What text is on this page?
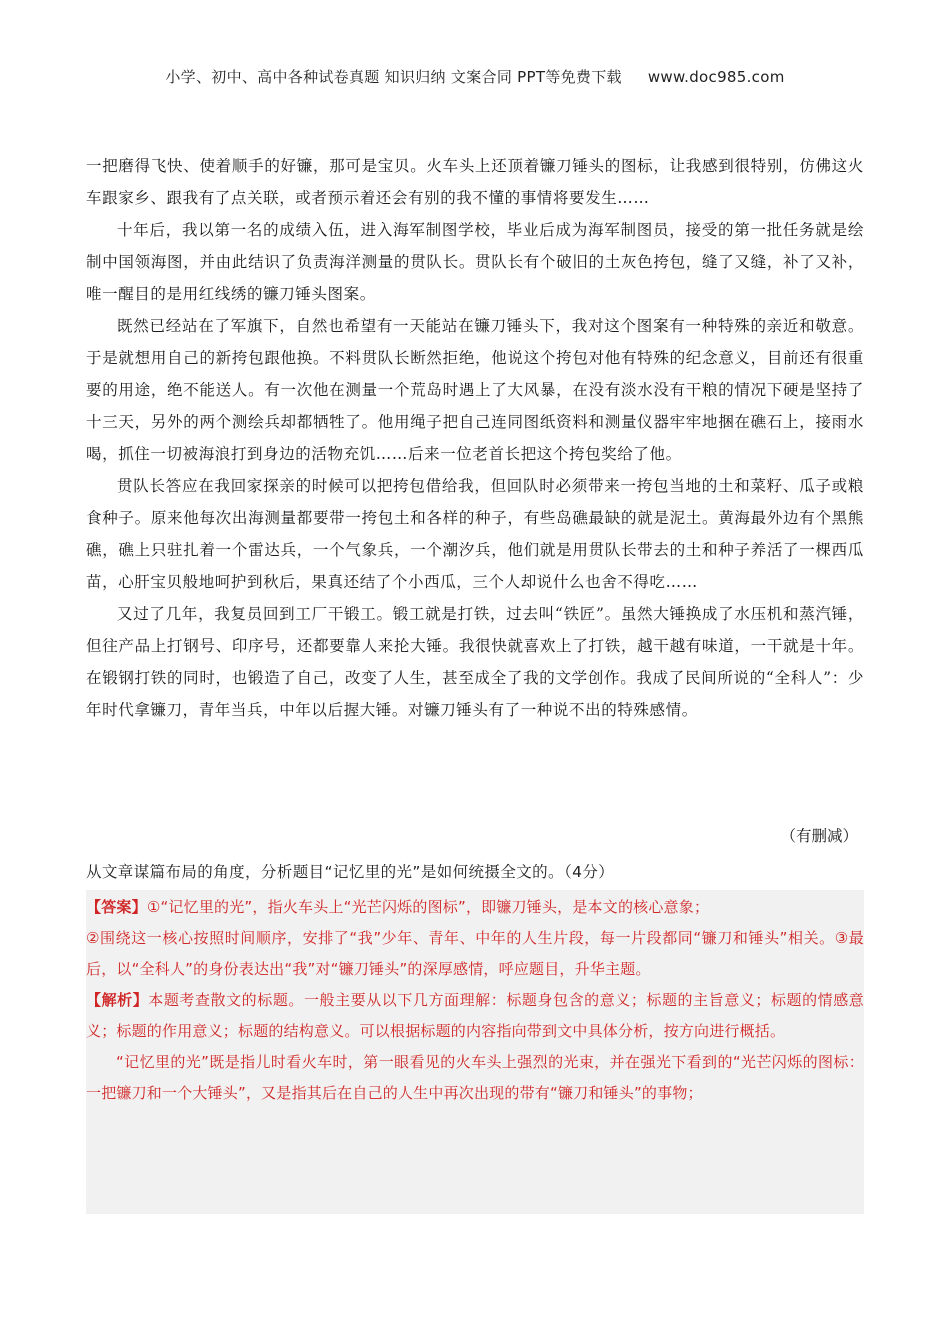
小学、初中、高中各种试卷真题 知识归纳 文案合同 PPT等免费下载 www.doc985.com

一把磨得飞快、使着顺手的好镰，那可是宝贝。火车头上还顶着镰刀锤头的图标，让我感到很特别，仿佛这火车跟家乡、跟我有了点关联，或者预示着还会有别的我不懂的事情将要发生……

十年后，我以第一名的成绩入伍，进入海军制图学校，毕业后成为海军制图员，接受的第一批任务就是绘制中国领海图，并由此结识了负责海洋测量的贯队长。贯队长有个破旧的土灰色挎包，缝了又缝，补了又补，唯一醒目的是用红线绣的镰刀锤头图案。

既然已经站在了军旗下，自然也希望有一天能站在镰刀锤头下，我对这个图案有一种特殊的亲近和敬意。于是就想用自己的新挎包跟他换。不料贯队长断然拒绝，他说这个挎包对他有特殊的纪念意义，目前还有很重要的用途，绝不能送人。有一次他在测量一个荒岛时遇上了大风暴，在没有淡水没有干粮的情况下硬是坚持了十三天，另外的两个测绘兵却都牺牲了。他用绳子把自己连同图纸资料和测量仪器牢牢地捆在礁石上，接雨水喝，抓住一切被海浪打到身边的活物充饥……后来一位老首长把这个挎包奖给了他。

贯队长答应在我回家探亲的时候可以把挎包借给我，但回队时必须带来一挎包当地的土和菜籽、瓜子或粮食种子。原来他每次出海测量都要带一挎包土和各样的种子，有些岛礁最缺的就是泥土。黄海最外边有个黑熊礁，礁上只驻扎着一个雷达兵，一个气象兵，一个潮汐兵，他们就是用贯队长带去的土和种子养活了一棵西瓜苗，心肝宝贝般地呵护到秋后，果真还结了个小西瓜，三个人却说什么也舍不得吃……

又过了几年，我复员回到工厂干锻工。锻工就是打铁，过去叫“铁匠”。虽然大锤换成了水压机和蒸汽锤，但往产品上打钢号、印序号，还都要靠人来抡大锤。我很快就喜欢上了打铁，越干越有味道，一干就是十年。在锻钢打铁的同时，也锻造了自己，改变了人生，甚至成全了我的文学创作。我成了民间所说的“全科人”：少年时代拿镰刀，青年当兵，中年以后握大锤。对镰刀锤头有了一种说不出的特殊感情。

（有删减）
从文章谋篇布局的角度，分析题目“记忆里的光”是如何统摄全文的。（4分）

【答案】①“记忆里的光”，指火车头上“光芒闪烁的图标”，即镰刀锤头，是本文的核心意象；

②围绕这一核心按照时间顺序，安排了“我”少年、青年、中年的人生片段，每一片段都同“镰刀和锤头”相关。③最后，以“全科人”的身份表达出“我”对“镰刀锤头”的深厚感情，呼应题目，升华主题。

【解析】本题考查散文的标题。一般主要从以下几方面理解：标题身包含的意义；标题的主旨意义；标题的情感意义；标题的作用意义；标题的结构意义。可以根据标题的内容指向带到文中具体分析，按方向进行概括。

“记忆里的光”既是指儿时看火车时，第一眼看见的火车头上强烈的光束，并在强光下看到的“光芒闪烁的图标：一把镰刀和一个大锤头”，又是指其后在自己的人生中再次出现的带有“镰刀和锤头”的事物；
